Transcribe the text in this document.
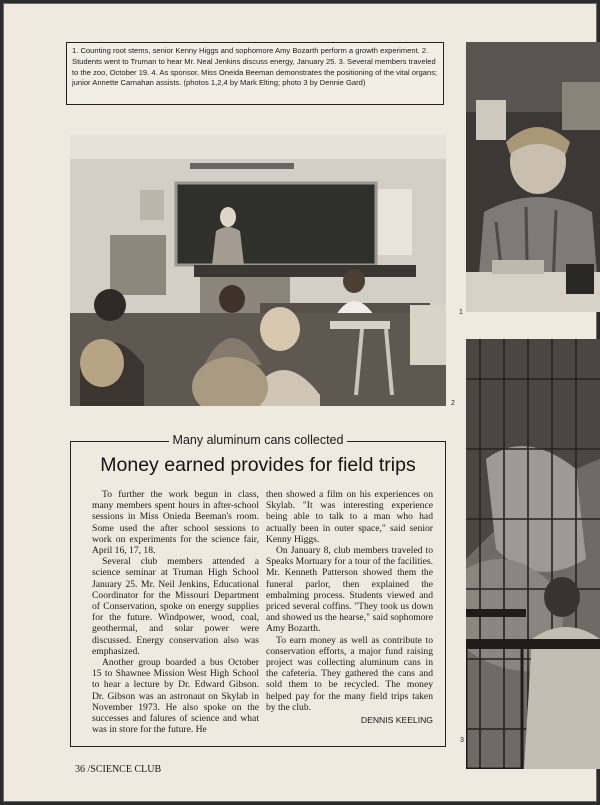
1. Counting root stems, senior Kenny Higgs and sophomore Amy Bozarth perform a growth experiment. 2. Students went to Truman to hear Mr. Neal Jenkins discuss energy, January 25. 3. Several members traveled to the zoo, October 19. 4. As sponsor, Miss Oneida Beeman demonstrates the positioning of the vital organs; junior Annette Carnahan assists. (photos 1,2,4 by Mark Elting; photo 3 by Dennie Gard)
1
2
3
Many aluminum cans collected
Money earned provides for field trips

To further the work begun in class, many members spent hours in after-school sessions in Miss Onieda Beeman's room. Some used the after school sessions to work on experiments for the science fair, April 16, 17, 18.

Several club members attended a science seminar at Truman High School January 25. Mr. Neil Jenkins, Educational Coordinator for the Missouri Department of Conservation, spoke on energy supplies for the future. Windpower, wood, coal, geothermal, and solar power were discussed. Energy conservation also was emphasized.

Another group boarded a bus October 15 to Shawnee Mission West High School to hear a lecture by Dr. Edward Gibson. Dr. Gibson was an astronaut on Skylab in November 1973. He also spoke on the successes and falures of science and what was in store for the future. He

then showed a film on his experiences on Skylab. "It was interesting experience being able to talk to a man who had actually been in outer space," said senior Kenny Higgs.

On January 8, club members traveled to Speaks Mortuary for a tour of the facilities. Mr. Kenneth Patterson showed them the funeral parlor, then explained the embalming process. Students viewed and priced several coffins. "They took us down and showed us the hearse," said sophomore Amy Bozarth.

To earn money as well as contribute to conservation efforts, a major fund raising project was collecting aluminum cans in the cafeteria. They gathered the cans and sold them to be recycled. The money helped pay for the many field trips taken by the club.

DENNIS KEELING
36 /SCIENCE CLUB
